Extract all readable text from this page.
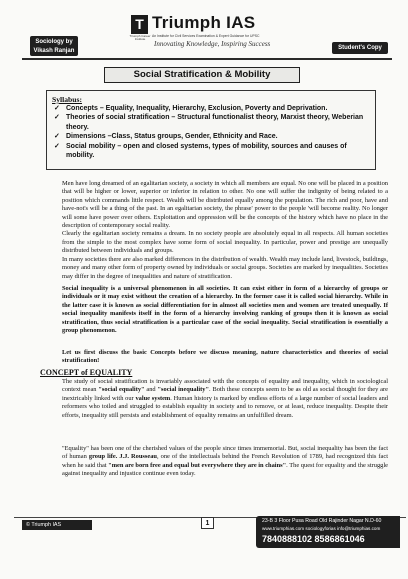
Sociology by
Vikash Ranjan
T
Triumph Career Institute
Triumph IAS
An Institute for Civil Services Examination & Expert Guidance for UPSC
Innovating Knowledge, Inspiring Success	Student's Copy
Social Stratification & Mobility
Syllabus:
✓ Concepts – Equality, Inequality, Hierarchy, Exclusion, Poverty and Deprivation.
✓ Theories of social stratification – Structural functionalist theory, Marxist theory, Weberian theory.
✓ Dimensions –Class, Status groups, Gender, Ethnicity and Race.
✓ Social mobility – open and closed systems, types of mobility, sources and causes of mobility.
Men have long dreamed of an egalitarian society, a society in which all members are equal. No one will be placed in a position that will be higher or lower, superior or inferior in relation to other. No one will suffer the indignity of being related to a position which commands little respect. Wealth will be distributed equally among the population. The rich and poor, have and have-not's will be a thing of the past. In an egalitarian society, the phrase' power to the people 'will become reality. No longer will some have power over others. Exploitation and oppression will be the concepts of the history which have no place in the description of contemporary social reality.
Clearly the egalitarian society remains a dream. In no society people are absolutely equal in all respects. All human societies from the simple to the most complex have some form of social inequality. In particular, power and prestige are unequally distributed between individuals and groups.
In many societies there are also marked differences in the distribution of wealth. Wealth may include land, livestock, buildings, money and many other form of property owned by individuals or social groups. Societies are marked by inequalities. Societies may differ in the degree of inequalities and nature of stratification.
Social inequality is a universal phenomenon in all societies. It can exist either in form of a hierarchy of groups or individuals or it may exist without the creation of a hierarchy. In the former case it is called social hierarchy. While in the latter case it is known as social differentiation for in almost all societies men and women are treated unequally. If social inequality manifests itself in the form of a hierarchy involving ranking of groups then it is known as social stratification, thus social stratification is a particular case of the social inequality. Social stratification is essentially a group phenomenon.
Let us first discuss the basic Concepts before we discuss meaning, nature characteristics and theories of social stratification!
CONCEPT of EQUALITY
The study of social stratification is invariably associated with the concepts of equality and inequality, which in sociological context mean "social equality" and "social inequality". Both these concepts seem to be as old as social thought for they are inextricably linked with our value system. Human history is marked by endless efforts of a large number of social leaders and reformers who toiled and struggled to establish equality in society and to remove, or at least, reduce inequality. Despite their efforts, inequality still persists and establishment of equality remains an unfulfilled dream.
"Equality" has been one of the cherished values of the people since times immemorial. But, social inequality has been the fact of human group life. J.J. Rousseau, one of the intellectuals behind the French Revolution of 1789, had recognized this fact when he said that "men are born free and equal but everywhere they are in chains". The quest for equality and the struggle against inequality and injustice continue even today.
© Triumph IAS	1	23-B 3 Floor Pusa Road Old Rajinder Nagar N.D-60
www.triumphias.com sociologyforias info@triumphias.com
7840888102 8586861046
